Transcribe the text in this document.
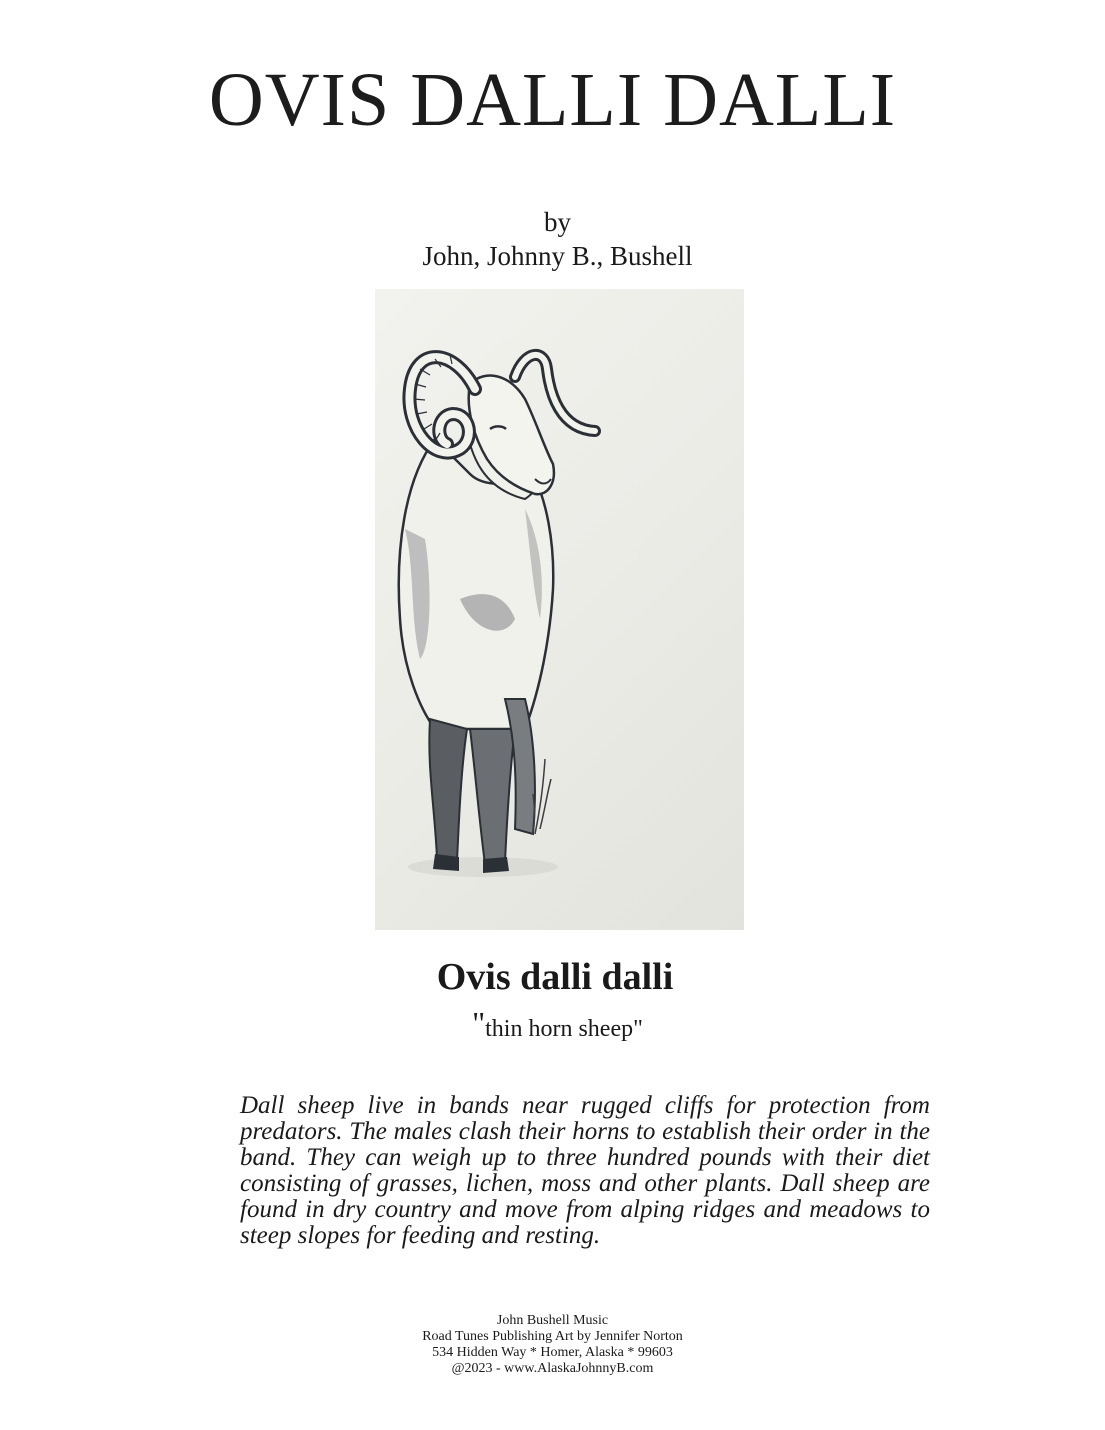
OVIS DALLI DALLI
by
John, Johnny B., Bushell
Ovis dalli dalli
"thin horn sheep"

Dall sheep live in bands near rugged cliffs for protection from predators. The males clash their horns to establish their order in the band. They can weigh up to three hundred pounds with their diet consisting of grasses, lichen, moss and other plants. Dall sheep are found in dry country and move from alping ridges and meadows to steep slopes for feeding and resting.

John Bushell Music
Road Tunes Publishing Art by Jennifer Norton
534 Hidden Way * Homer, Alaska * 99603
@2023 - www.AlaskaJohnnyB.com
